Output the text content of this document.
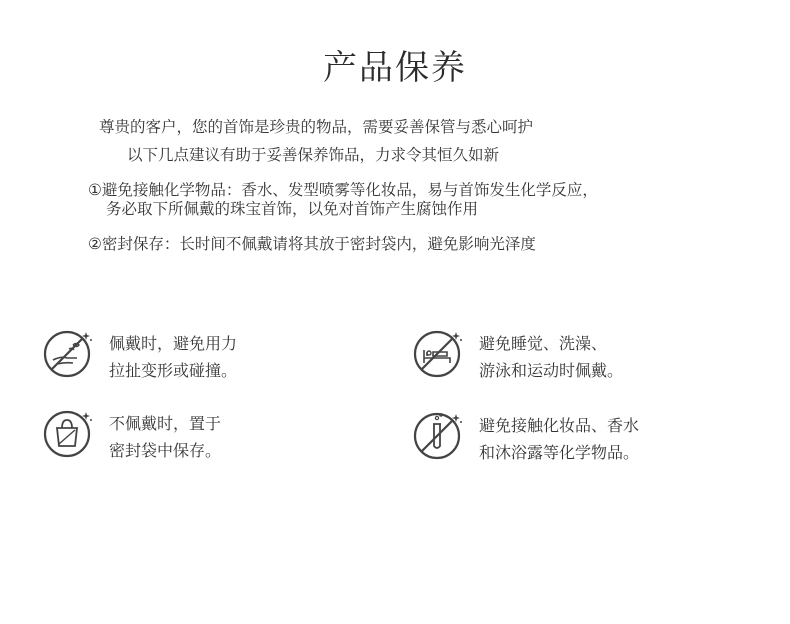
产品保养
尊贵的客户，您的首饰是珍贵的物品，需要妥善保管与悉心呵护
以下几点建议有助于妥善保养饰品，力求令其恒久如新
①避免接触化学物品：香水、发型喷雾等化妆品，易与首饰发生化学反应，
务必取下所佩戴的珠宝首饰，以免对首饰产生腐蚀作用
②密封保存：长时间不佩戴请将其放于密封袋内，避免影响光泽度
佩戴时，避免用力
拉扯变形或碰撞。
避免睡觉、洗澡、
游泳和运动时佩戴。
不佩戴时，置于
密封袋中保存。
避免接触化妆品、香水
和沐浴露等化学物品。
